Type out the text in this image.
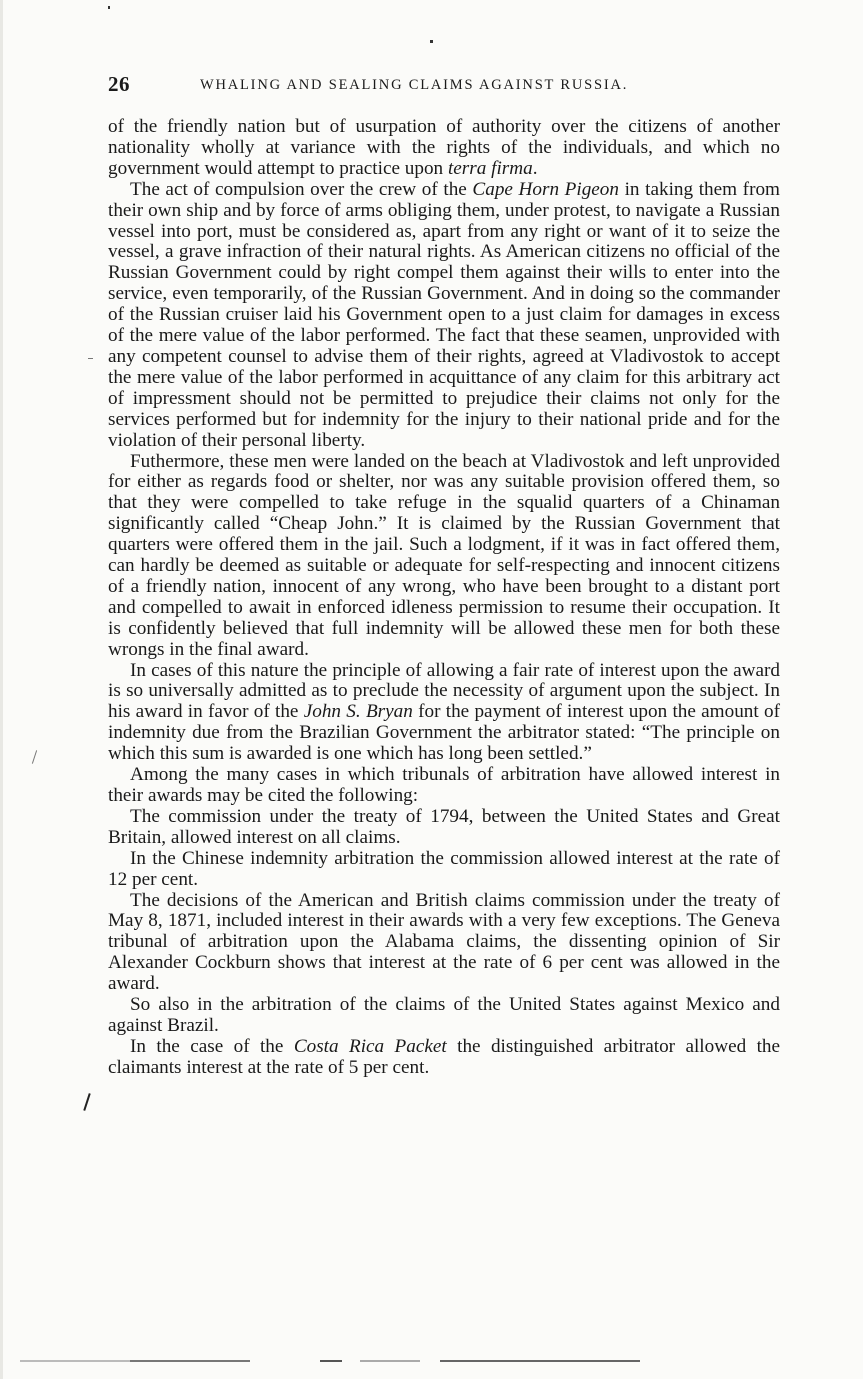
26	WHALING AND SEALING CLAIMS AGAINST RUSSIA.

of the friendly nation but of usurpation of authority over the citizens of another nationality wholly at variance with the rights of the individuals, and which no government would attempt to practice upon terra firma.

The act of compulsion over the crew of the Cape Horn Pigeon in taking them from their own ship and by force of arms obliging them, under protest, to navigate a Russian vessel into port, must be considered as, apart from any right or want of it to seize the vessel, a grave infraction of their natural rights. As American citizens no official of the Russian Government could by right compel them against their wills to enter into the service, even temporarily, of the Russian Government. And in doing so the commander of the Russian cruiser laid his Government open to a just claim for damages in excess of the mere value of the labor performed. The fact that these seamen, unprovided with any competent counsel to advise them of their rights, agreed at Vladivostok to accept the mere value of the labor performed in acquittance of any claim for this arbitrary act of impressment should not be permitted to prejudice their claims not only for the services performed but for indemnity for the injury to their national pride and for the violation of their personal liberty.

Futhermore, these men were landed on the beach at Vladivostok and left unprovided for either as regards food or shelter, nor was any suitable provision offered them, so that they were compelled to take refuge in the squalid quarters of a Chinaman significantly called “Cheap John.” It is claimed by the Russian Government that quarters were offered them in the jail. Such a lodgment, if it was in fact offered them, can hardly be deemed as suitable or adequate for self-respecting and innocent citizens of a friendly nation, innocent of any wrong, who have been brought to a distant port and compelled to await in enforced idleness permission to resume their occupation. It is confidently believed that full indemnity will be allowed these men for both these wrongs in the final award.

In cases of this nature the principle of allowing a fair rate of interest upon the award is so universally admitted as to preclude the necessity of argument upon the subject. In his award in favor of the John S. Bryan for the payment of interest upon the amount of indemnity due from the Brazilian Government the arbitrator stated: “The principle on which this sum is awarded is one which has long been settled.”

Among the many cases in which tribunals of arbitration have allowed interest in their awards may be cited the following:

The commission under the treaty of 1794, between the United States and Great Britain, allowed interest on all claims.

In the Chinese indemnity arbitration the commission allowed interest at the rate of 12 per cent.

The decisions of the American and British claims commission under the treaty of May 8, 1871, included interest in their awards with a very few exceptions. The Geneva tribunal of arbitration upon the Alabama claims, the dissenting opinion of Sir Alexander Cockburn shows that interest at the rate of 6 per cent was allowed in the award.

So also in the arbitration of the claims of the United States against Mexico and against Brazil.

In the case of the Costa Rica Packet the distinguished arbitrator allowed the claimants interest at the rate of 5 per cent.
